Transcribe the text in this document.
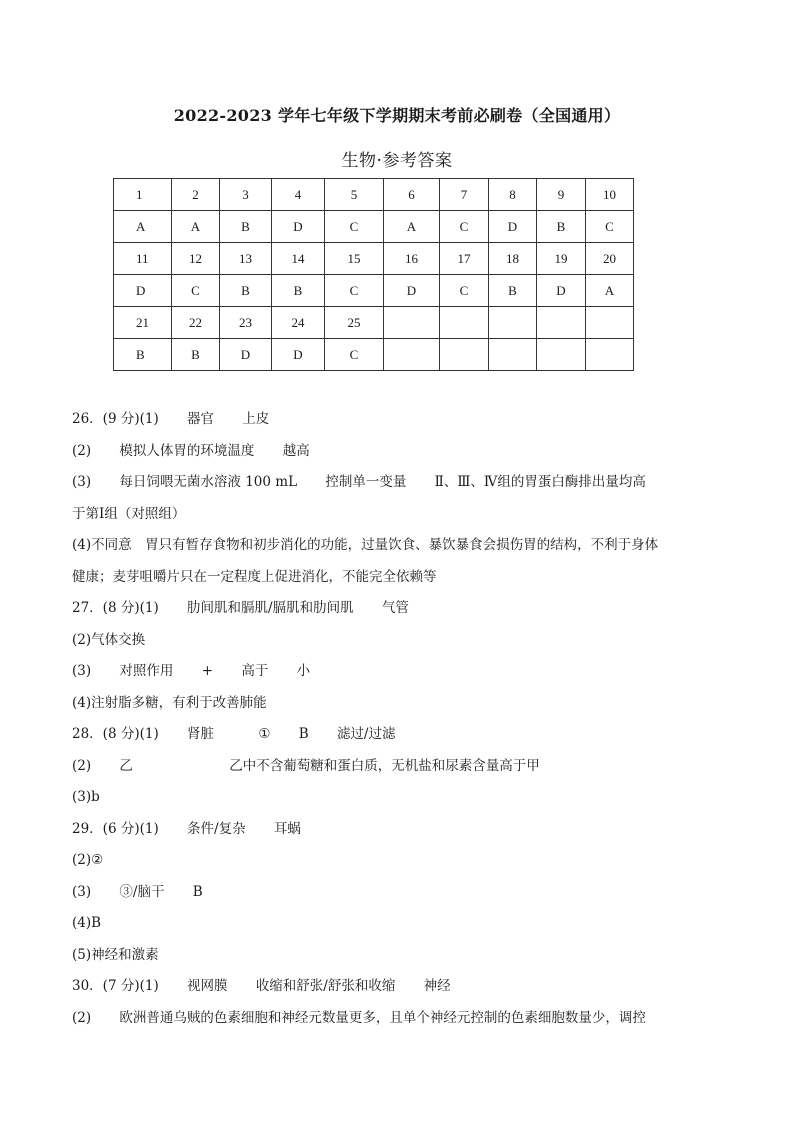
2022-2023 学年七年级下学期期末考前必刷卷（全国通用）
生物·参考答案
1	2	3	4	5	6	7	8	9	10
A	A	B	D	C	A	C	D	B	C
11	12	13	14	15	16	17	18	19	20
D	C	B	B	C	D	C	B	D	A
21	22	23	24	25					
B	B	D	D	C					
26．(9 分)(1) 器官 上皮
(2) 模拟人体胃的环境温度 越高
(3) 每日饲喂无菌水溶液 100 mL 控制单一变量 Ⅱ、Ⅲ、Ⅳ组的胃蛋白酶排出量均高
于第Ⅰ组（对照组）
(4)不同意　胃只有暂存食物和初步消化的功能，过量饮食、暴饮暴食会损伤胃的结构，不利于身体
健康；麦芽咀嚼片只在一定程度上促进消化，不能完全依赖等
27．(8 分)(1) 肋间肌和膈肌/膈肌和肋间肌 气管
(2)气体交换
(3) 对照作用 + 高于 小
(4)注射脂多糖，有利于改善肺能
28．(8 分)(1) 肾脏	① B 滤过/过滤
(2) 乙	乙中不含葡萄糖和蛋白质，无机盐和尿素含量高于甲
(3)b
29．(6 分)(1) 条件/复杂 耳蜗
(2)②
(3) ③/脑干 B
(4)B
(5)神经和激素
30．(7 分)(1) 视网膜 收缩和舒张/舒张和收缩 神经
(2) 欧洲普通乌贼的色素细胞和神经元数量更多，且单个神经元控制的色素细胞数量少，调控
